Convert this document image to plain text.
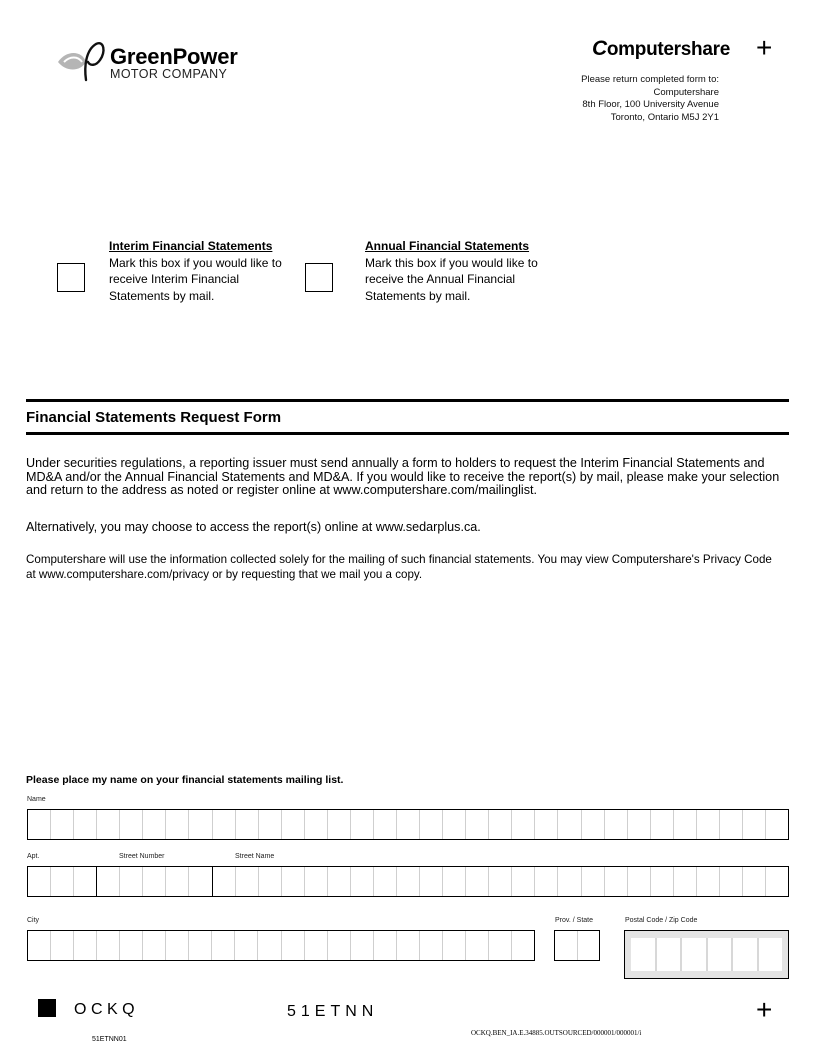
GreenPower
MOTOR COMPANY
Computershare +
Please return completed form to:
Computershare
8th Floor, 100 University Avenue
Toronto, Ontario M5J 2Y1
Interim Financial Statements
Mark this box if you would like to receive Interim Financial Statements by mail.
Annual Financial Statements
Mark this box if you would like to receive the Annual Financial Statements by mail.
Financial Statements Request Form
Under securities regulations, a reporting issuer must send annually a form to holders to request the Interim Financial Statements and MD&A and/or the Annual Financial Statements and MD&A. If you would like to receive the report(s) by mail, please make your selection and return to the address as noted or register online at www.computershare.com/mailinglist.
Alternatively, you may choose to access the report(s) online at www.sedarplus.ca.
Computershare will use the information collected solely for the mailing of such financial statements. You may view Computershare's Privacy Code at www.computershare.com/privacy or by requesting that we mail you a copy.
Please place my name on your financial statements mailing list.
Name
Apt.	Street Number	Street Name
City	Prov. / State	Postal Code / Zip Code
OCKQ	51ETNN	+
51ETNN01
OCKQ.BEN_IA.E.34885.OUTSOURCED/000001/000001/i
